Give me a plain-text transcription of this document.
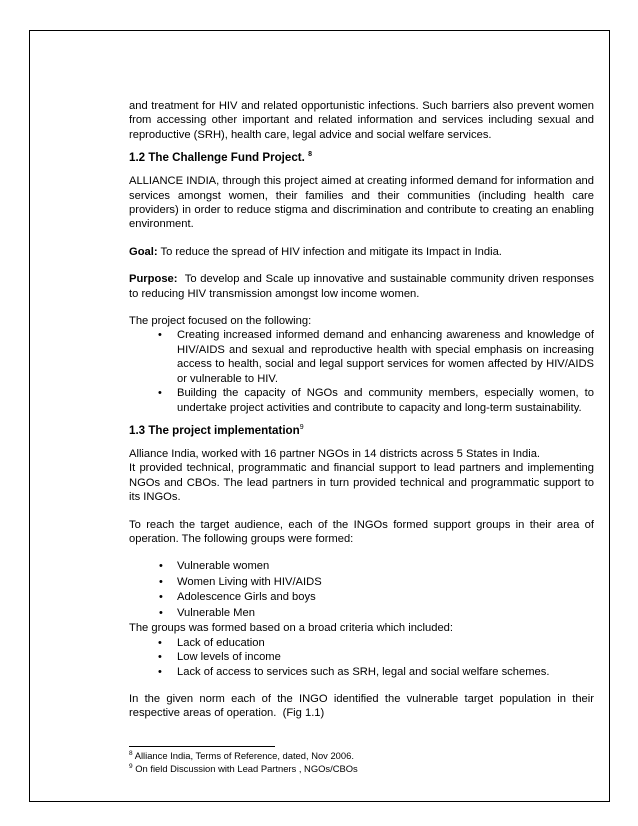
and treatment for HIV and related opportunistic infections. Such barriers also prevent women from accessing other important and related information and services including sexual and reproductive (SRH), health care, legal advice and social welfare services.

1.2 The Challenge Fund Project. $^8$

ALLIANCE INDIA, through this project aimed at creating informed demand for information and services amongst women, their families and their communities (including health care providers) in order to reduce stigma and discrimination and contribute to creating an enabling environment.

Goal: To reduce the spread of HIV infection and mitigate its Impact in India.

Purpose:  To develop and Scale up innovative and sustainable community driven responses to reducing HIV transmission amongst low income women.

The project focused on the following:

• Creating increased informed demand and enhancing awareness and knowledge of HIV/AIDS and sexual and reproductive health with special emphasis on increasing access to health, social and legal support services for women affected by HIV/AIDS or vulnerable to HIV.
• Building the capacity of NGOs and community members, especially women, to undertake project activities and contribute to capacity and long-term sustainability.

1.3 The project implementation$^9$

Alliance India, worked with 16 partner NGOs in 14 districts across 5 States in India.

It provided technical, programmatic and financial support to lead partners and implementing NGOs and CBOs. The lead partners in turn provided technical and programmatic support to its INGOs.

To reach the target audience, each of the INGOs formed support groups in their area of operation. The following groups were formed:

• Vulnerable women
• Women Living with HIV/AIDS
• Adolescence Girls and boys
• Vulnerable Men

The groups was formed based on a broad criteria which included:

• Lack of education
• Low levels of income
• Lack of access to services such as SRH, legal and social welfare schemes.

In the given norm each of the INGO identified the vulnerable target population in their respective areas of operation.  (Fig 1.1)

$^8$ Alliance India, Terms of Reference, dated, Nov 2006.

$^9$ On field Discussion with Lead Partners , NGOs/CBOs
